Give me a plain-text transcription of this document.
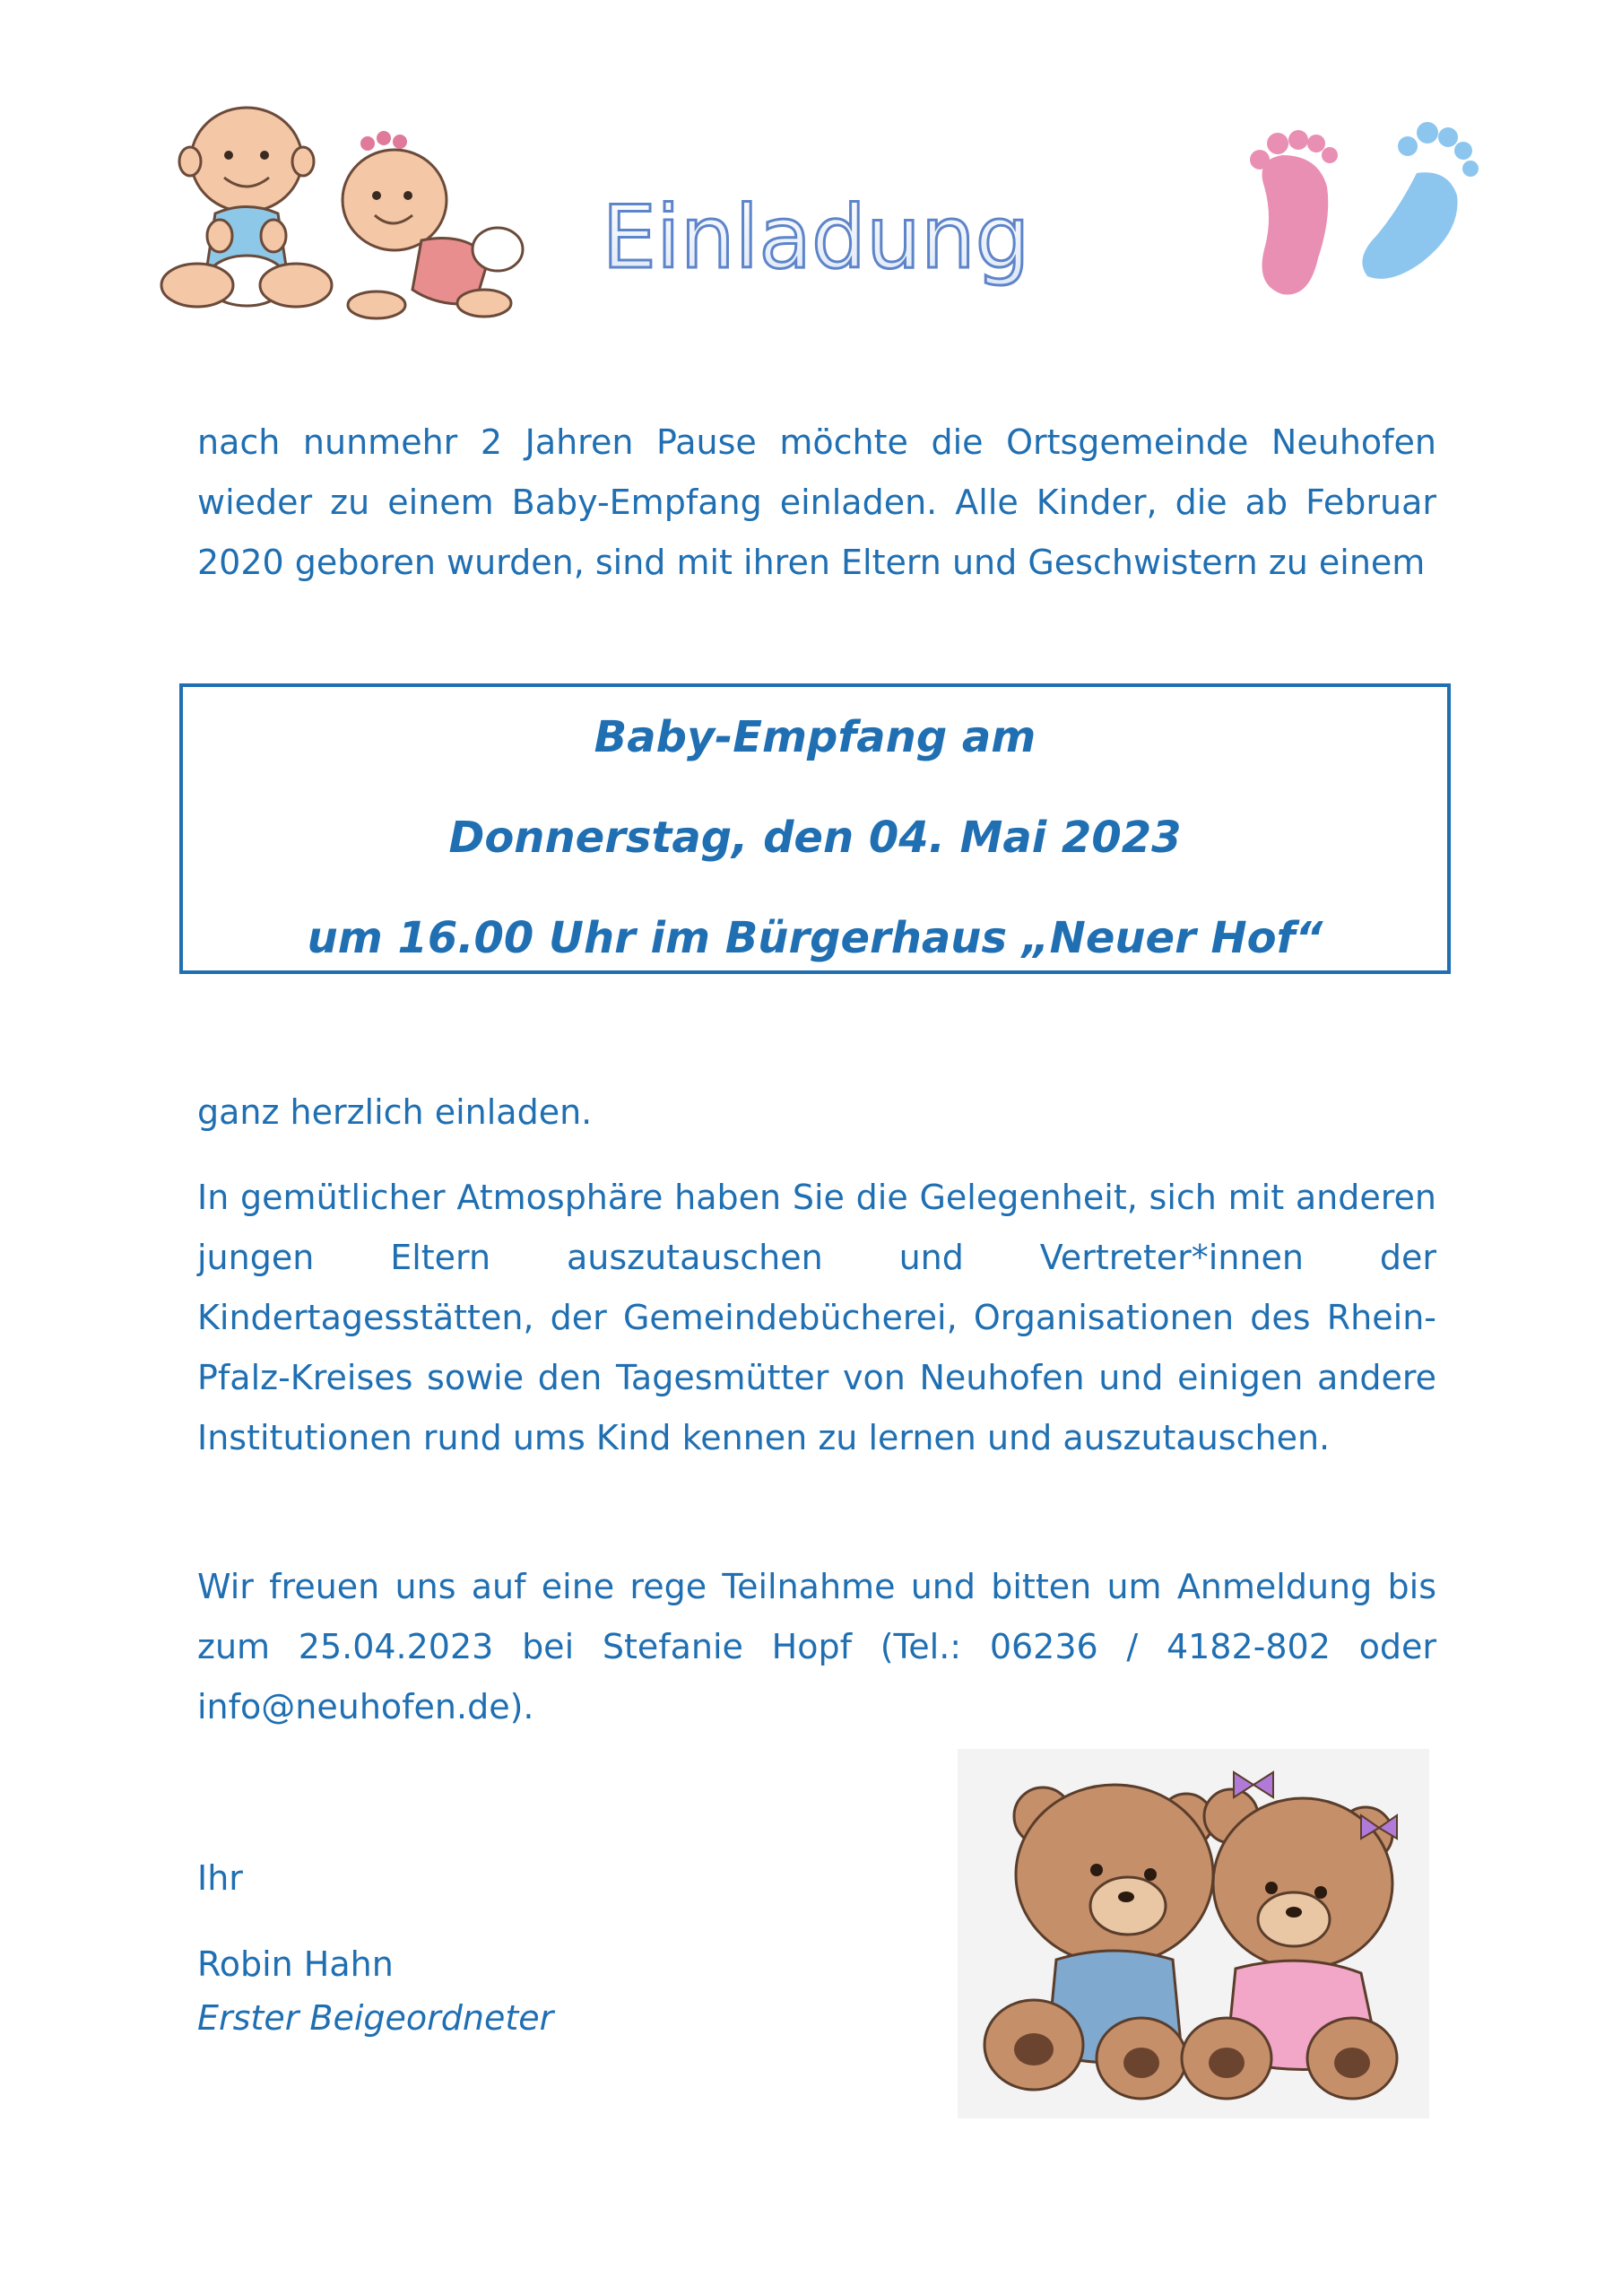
Einladung
nach nunmehr 2 Jahren Pause möchte die Ortsgemeinde Neuhofen wieder zu einem Baby-Empfang einladen. Alle Kinder, die ab Februar 2020 geboren wurden, sind mit ihren Eltern und Geschwistern zu einem
Baby-Empfang am
Donnerstag, den 04. Mai 2023
um 16.00 Uhr im Bürgerhaus „Neuer Hof“
ganz herzlich einladen.
In gemütlicher Atmosphäre haben Sie die Gelegenheit, sich mit anderen jungen Eltern auszutauschen und Vertreter*innen der Kindertagesstätten, der Gemeindebücherei, Organisationen des Rhein-Pfalz-Kreises sowie den Tagesmütter von Neuhofen und einigen andere Institutionen rund ums Kind kennen zu lernen und auszutauschen.
Wir freuen uns auf eine rege Teilnahme und bitten um Anmeldung bis zum 25.04.2023 bei Stefanie Hopf (Tel.: 06236 / 4182-802 oder info@neuhofen.de).
Ihr
Robin Hahn
Erster Beigeordneter
